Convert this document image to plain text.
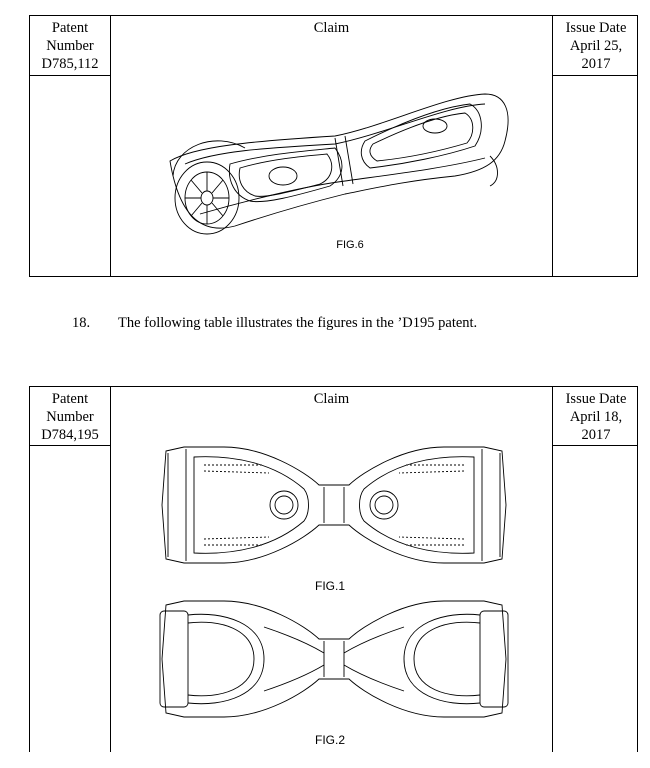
Patent
Number
D785,112
Claim	Issue Date
April 25,
2017
FIG.6
18. The following table illustrates the figures in the ’D195 patent.
Patent
Number
D784,195
Claim	Issue Date
April 18,
2017
FIG.1
FIG.2
